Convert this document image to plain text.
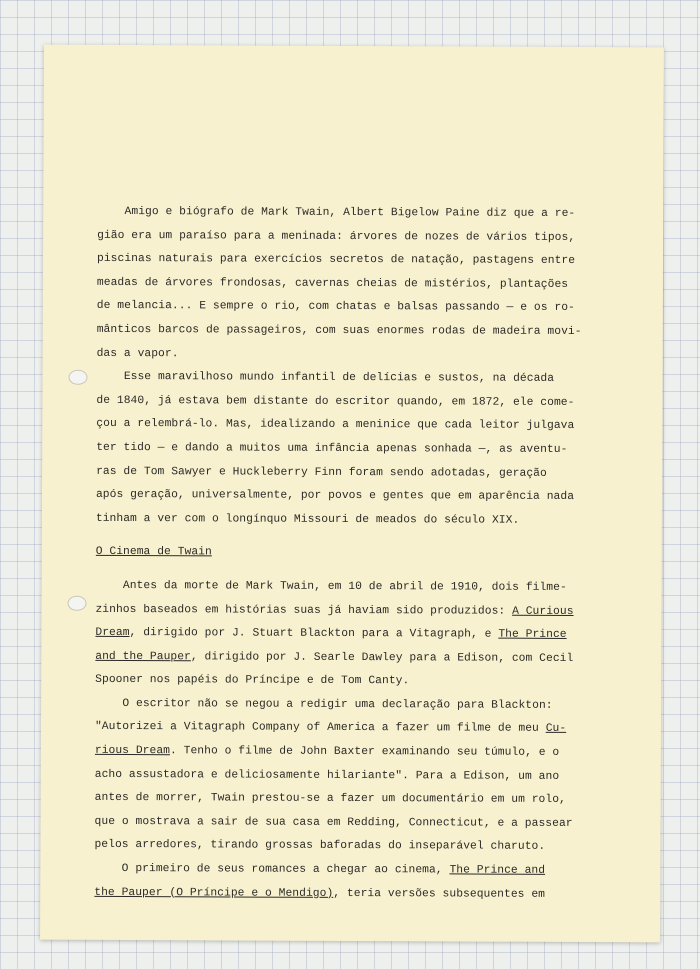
Amigo e biógrafo de Mark Twain, Albert Bigelow Paine diz que a re-
gião era um paraíso para a meninada: árvores de nozes de vários tipos,
piscinas naturais para exercícios secretos de natação, pastagens entre
meadas de árvores frondosas, cavernas cheias de mistérios, plantações
de melancia... E sempre o rio, com chatas e balsas passando — e os ro-
mânticos barcos de passageiros, com suas enormes rodas de madeira movi-
das a vapor.
Esse maravilhoso mundo infantil de delícias e sustos, na década
de 1840, já estava bem distante do escritor quando, em 1872, ele come-
çou a relembrá-lo. Mas, idealizando a meninice que cada leitor julgava
ter tido — e dando a muitos uma infância apenas sonhada —, as aventu-
ras de Tom Sawyer e Huckleberry Finn foram sendo adotadas, geração
após geração, universalmente, por povos e gentes que em aparência nada
tinham a ver com o longínquo Missouri de meados do século XIX.
O Cinema de Twain
Antes da morte de Mark Twain, em 10 de abril de 1910, dois filme-
zinhos baseados em histórias suas já haviam sido produzidos: A Curious
Dream, dirigido por J. Stuart Blackton para a Vitagraph, e The Prince
and the Pauper, dirigido por J. Searle Dawley para a Edison, com Cecil
Spooner nos papéis do Príncipe e de Tom Canty.
O escritor não se negou a redigir uma declaração para Blackton:
"Autorizei a Vitagraph Company of America a fazer um filme de meu Cu-
rious Dream. Tenho o filme de John Baxter examinando seu túmulo, e o
acho assustadora e deliciosamente hilariante". Para a Edison, um ano
antes de morrer, Twain prestou-se a fazer um documentário em um rolo,
que o mostrava a sair de sua casa em Redding, Connecticut, e a passear
pelos arredores, tirando grossas baforadas do inseparável charuto.
O primeiro de seus romances a chegar ao cinema, The Prince and
the Pauper (O Príncipe e o Mendigo), teria versões subsequentes em
